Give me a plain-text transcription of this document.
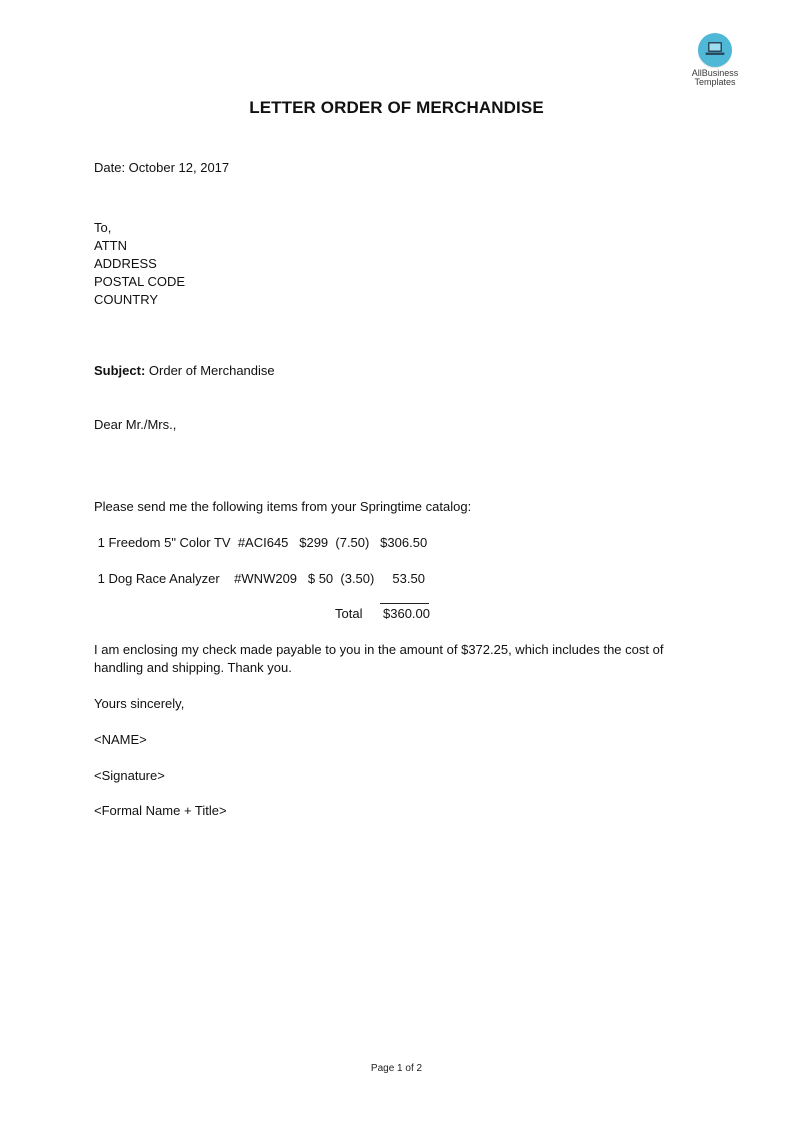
AllBusiness
Templates
LETTER ORDER OF MERCHANDISE
Date: October 12, 2017
To,
ATTN
ADDRESS
POSTAL CODE
COUNTRY
Subject: Order of Merchandise
Dear Mr./Mrs.,
Please send me the following items from your Springtime catalog:
1 Freedom 5" Color TV  #ACI645   $299  (7.50)   $306.50
1 Dog Race Analyzer    #WNW209   $ 50  (3.50)     53.50
Total $360.00
I am enclosing my check made payable to you in the amount of $372.25, which includes the cost of handling and shipping. Thank you.
Yours sincerely,
<NAME>
<Signature>
<Formal Name + Title>
Page 1 of 2
